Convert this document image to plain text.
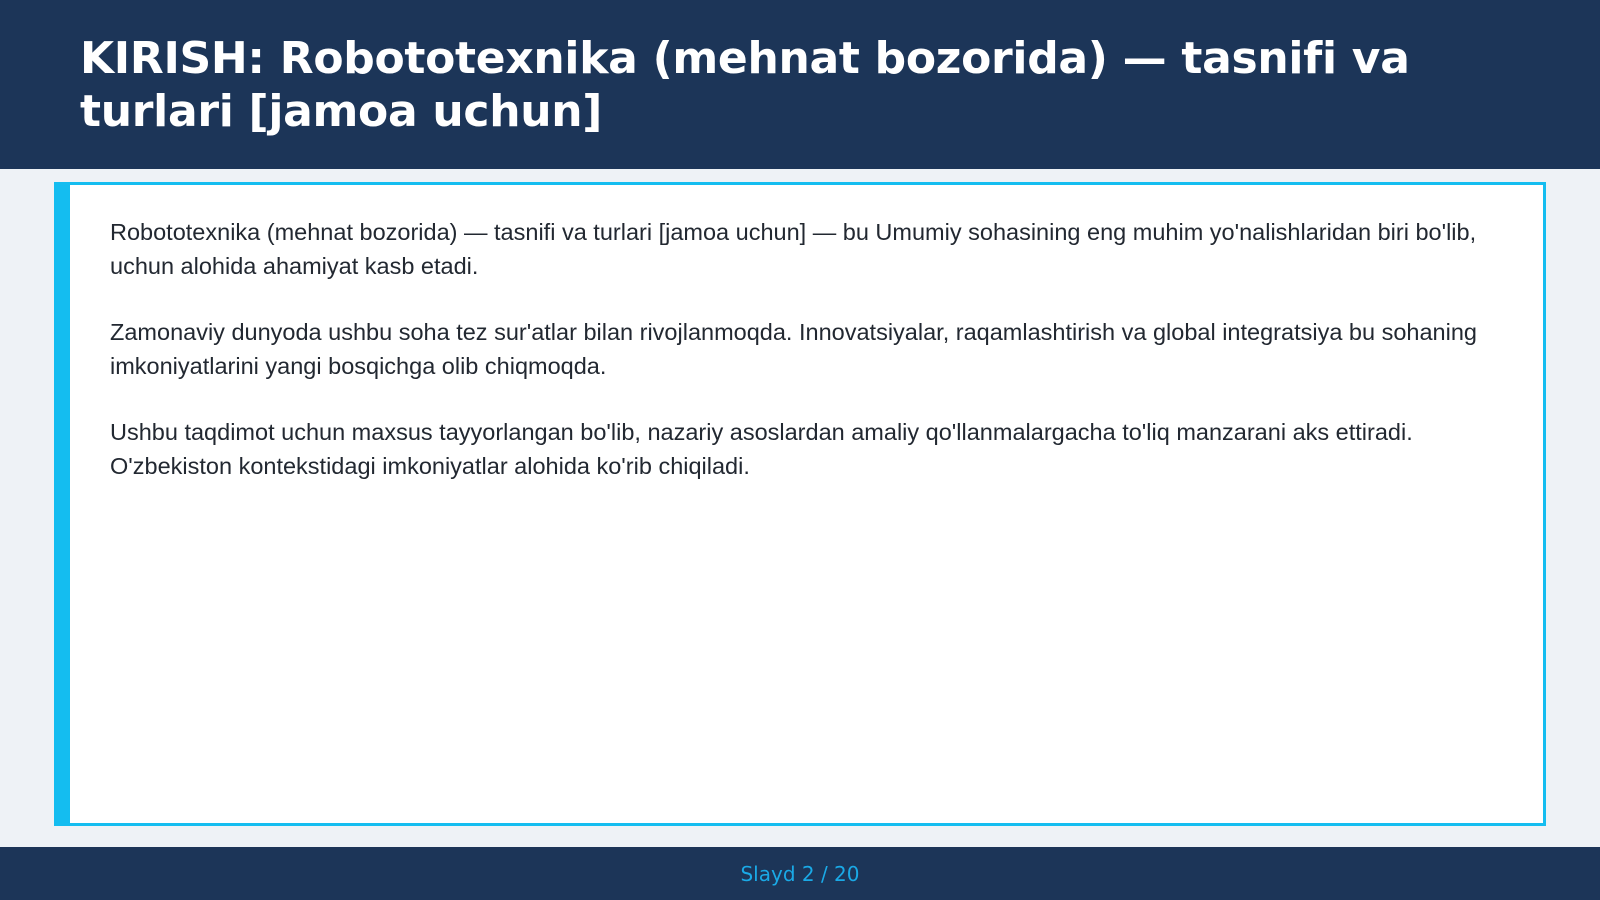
KIRISH: Robototexnika (mehnat bozorida) — tasnifi va turlari [jamoa uchun]

Robototexnika (mehnat bozorida) — tasnifi va turlari [jamoa uchun] — bu Umumiy sohasining eng muhim yo'nalishlaridan biri bo'lib, uchun alohida ahamiyat kasb etadi.

Zamonaviy dunyoda ushbu soha tez sur'atlar bilan rivojlanmoqda. Innovatsiyalar, raqamlashtirish va global integratsiya bu sohaning imkoniyatlarini yangi bosqichga olib chiqmoqda.

Ushbu taqdimot uchun maxsus tayyorlangan bo'lib, nazariy asoslardan amaliy qo'llanmalargacha to'liq manzarani aks ettiradi. O'zbekiston kontekstidagi imkoniyatlar alohida ko'rib chiqiladi.

Slayd 2 / 20
